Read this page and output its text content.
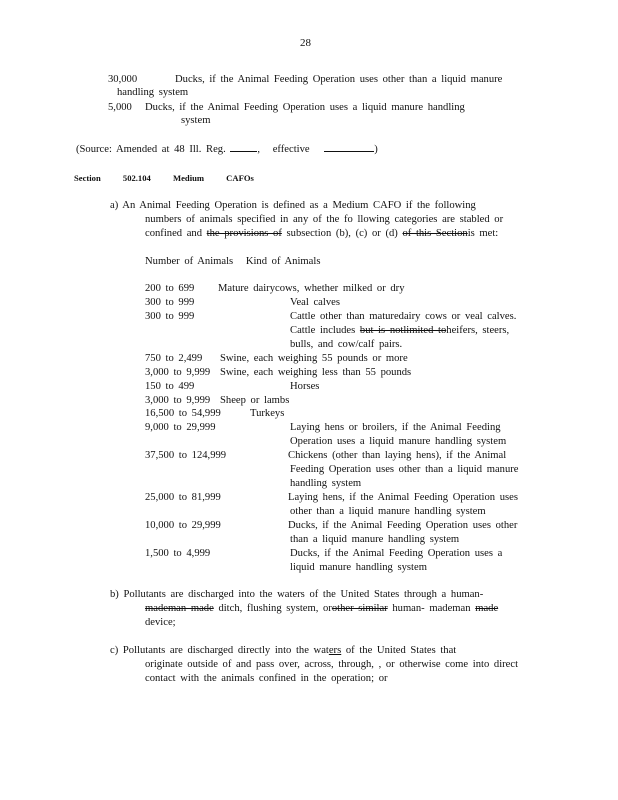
28
30,000	Ducks, if the Animal Feeding Operation uses other than a liquid manure
handling system
5,000 Ducks, if the Animal Feeding Operation uses a liquid manure handling
system
(Source: Amended at 48 Ill. Reg.	, effective	)
Section	502.104	Medium	CAFOs
a) An Animal Feeding Operation is defined as a Medium CAFO if the following
numbers of animals specified in any of the fo llowing categories are stabled or
confined and the provisions of subsection (b), (c) or (d) of this Sectionis met:
Number of Animals Kind of Animals
200 to 699 Mature dairycows, whether milked or dry
300 to 999	Veal calves
300 to 999	Cattle other than maturedairy cows or veal calves.
Cattle includes but is notlimited toheifers, steers,
bulls, and cow/calf pairs.
750 to 2,499 Swine, each weighing 55 pounds or more
3,000 to 9,999 Swine, each weighing less than 55 pounds
150 to 499	Horses
3,000 to 9,999 Sheep or lambs
16,500 to 54,999	Turkeys
9,000 to 29,999	Laying hens or broilers, if the Animal Feeding
Operation uses a liquid manure handling system
37,500 to 124,999	Chickens (other than laying hens), if the Animal
Feeding Operation uses other than a liquid manure
handling system
25,000 to 81,999	Laying hens, if the Animal Feeding Operation uses
other than a liquid manure handling system
10,000 to 29,999	Ducks, if the Animal Feeding Operation uses other
than a liquid manure handling system
1,500 to 4,999	Ducks, if the Animal Feeding Operation uses a
liquid manure handling system
b) Pollutants are discharged into the waters of the United States through a human-
mademan made ditch, flushing system, orother similar human- mademan made
device;
c) Pollutants are discharged directly into the waters of the United States that
originate outside of and pass over, across, through, , or otherwise come into direct
contact with the animals confined in the operation; or
